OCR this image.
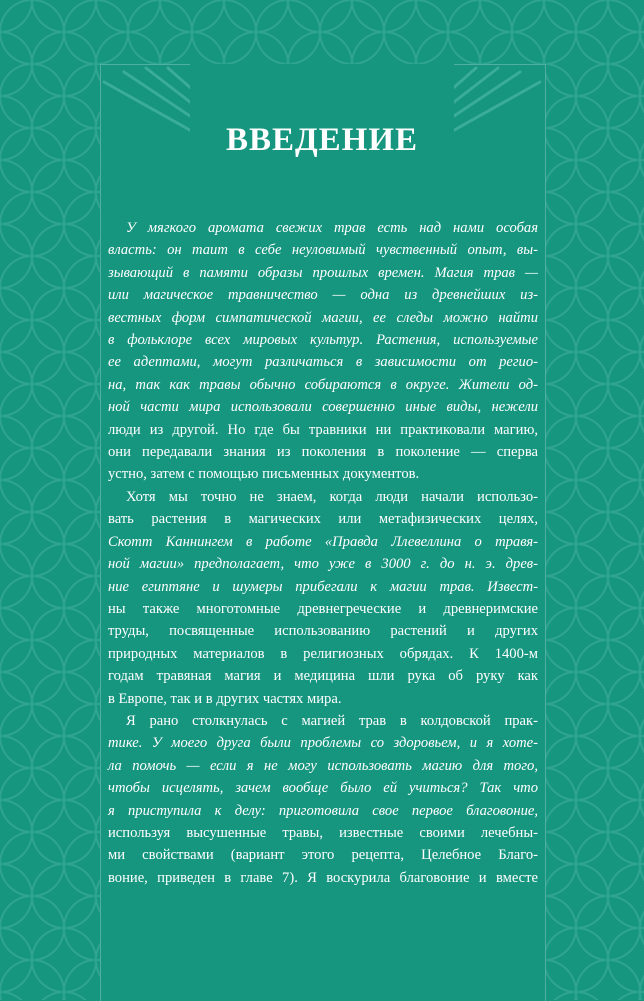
ВВЕДЕНИЕ
У мягкого аромата свежих трав есть над нами особая
власть: он таит в себе неуловимый чувственный опыт, вы-
зывающий в памяти образы прошлых времен. Магия трав —
или магическое травничество — одна из древнейших из-
вестных форм симпатической магии, ее следы можно найти
в фольклоре всех мировых культур. Растения, используемые
ее адептами, могут различаться в зависимости от регио-
на, так как травы обычно собираются в округе. Жители од-
ной части мира использовали совершенно иные виды, нежели
люди из другой. Но где бы травники ни практиковали магию,
они передавали знания из поколения в поколение — сперва
устно, затем с помощью письменных документов.
Хотя мы точно не знаем, когда люди начали использо-
вать растения в магических или метафизических целях,
Скотт Каннингем в работе «Правда Ллевеллина о травя-
ной магии» предполагает, что уже в 3000 г. до н. э. древ-
ние египтяне и шумеры прибегали к магии трав. Извест-
ны также многотомные древнегреческие и древнеримские
труды, посвященные использованию растений и других
природных материалов в религиозных обрядах. К 1400-м
годам травяная магия и медицина шли рука об руку как
в Европе, так и в других частях мира.
Я рано столкнулась с магией трав в колдовской прак-
тике. У моего друга были проблемы со здоровьем, и я хоте-
ла помочь — если я не могу использовать магию для того,
чтобы исцелять, зачем вообще было ей учиться? Так что
я приступила к делу: приготовила свое первое благовоние,
используя высушенные травы, известные своими лечебны-
ми свойствами (вариант этого рецепта, Целебное Благо-
воние, приведен в главе 7). Я воскурила благовоние и вместе
